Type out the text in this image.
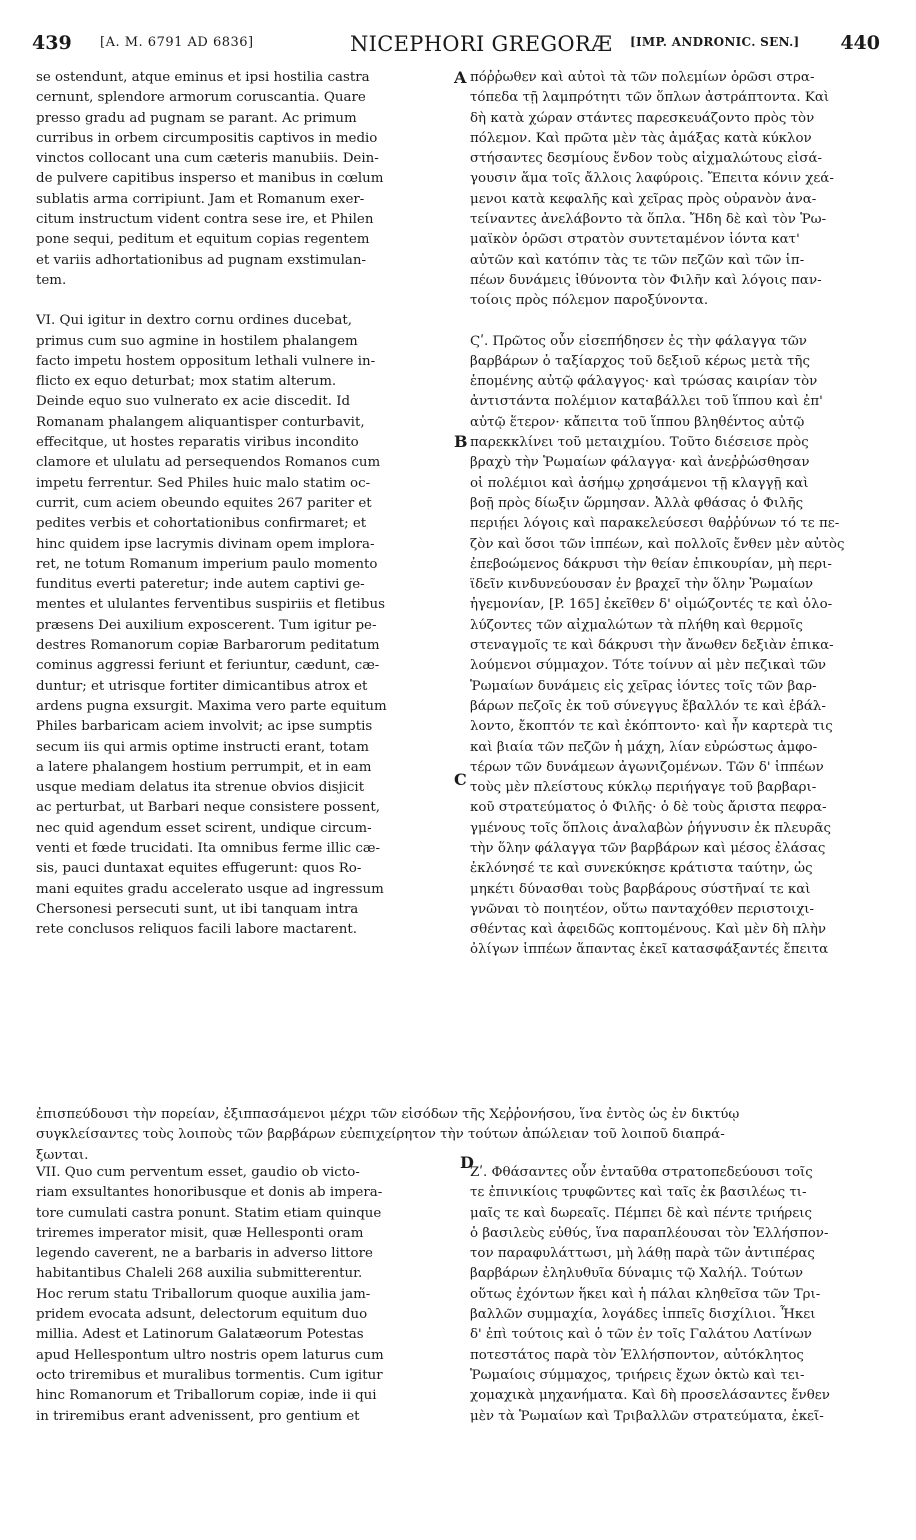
439 [A. M. 6791 AD 6836]	NICEPHORI GREGORÆ [IMP. ANDRONIC. SEN.] 440
A
B
C
D
se ostendunt, atque eminus et ipsi hostilia castra
cernunt, splendore armorum coruscantia. Quare
presso gradu ad pugnam se parant. Ac primum
curribus in orbem circumpositis captivos in medio
vinctos collocant una cum cæteris manubiis. Dein-
de pulvere capitibus insperso et manibus in cœlum
sublatis arma corripiunt. Jam et Romanum exer-
citum instructum vident contra sese ire, et Philen
pone sequi, peditum et equitum copias regentem
et variis adhortationibus ad pugnam exstimulan-
tem.
VI. Qui igitur in dextro cornu ordines ducebat,
primus cum suo agmine in hostilem phalangem
facto impetu hostem oppositum lethali vulnere in-
flicto ex equo deturbat; mox statim alterum.
Deinde equo suo vulnerato ex acie discedit. Id
Romanam phalangem aliquantisper conturbavit,
effecitque, ut hostes reparatis viribus incondito
clamore et ululatu ad persequendos Romanos cum
impetu ferrentur. Sed Philes huic malo statim oc-
currit, cum aciem obeundo equites 267 pariter et
pedites verbis et cohortationibus confirmaret; et
hinc quidem ipse lacrymis divinam opem implora-
ret, ne totum Romanum imperium paulo momento
funditus everti pateretur; inde autem captivi ge-
mentes et ululantes ferventibus suspiriis et fletibus
præsens Dei auxilium exposcerent. Tum igitur pe-
destres Romanorum copiæ Barbarorum peditatum
cominus aggressi feriunt et feriuntur, cædunt, cæ-
duntur; et utrisque fortiter dimicantibus atrox et
ardens pugna exsurgit. Maxima vero parte equitum
Philes barbaricam aciem involvit; ac ipse sumptis
secum iis qui armis optime instructi erant, totam
a latere phalangem hostium perrumpit, et in eam
usque mediam delatus ita strenue obvios disjicit
ac perturbat, ut Barbari neque consistere possent,
nec quid agendum esset scirent, undique circum-
venti et fœde trucidati. Ita omnibus ferme illic cæ-
sis, pauci duntaxat equites effugerunt: quos Ro-
mani equites gradu accelerato usque ad ingressum
Chersonesi persecuti sunt, ut ibi tanquam intra
rete conclusos reliquos facili labore mactarent.
πόῤῥωθεν καὶ αὐτοὶ τὰ τῶν πολεμίων ὁρῶσι στρα-
τόπεδα τῇ λαμπρότητι τῶν ὅπλων ἀστράπτοντα. Καὶ
δὴ κατὰ χώραν στάντες παρεσκευάζοντο πρὸς τὸν
πόλεμον. Καὶ πρῶτα μὲν τὰς ἁμάξας κατὰ κύκλον
στήσαντες δεσμίους ἔνδον τοὺς αἰχμαλώτους εἰσά-
γουσιν ἅμα τοῖς ἄλλοις λαφύροις. Ἔπειτα κόνιν χεά-
μενοι κατὰ κεφαλῆς καὶ χεῖρας πρὸς οὐρανὸν ἀνα-
τείναντες ἀνελάβοντο τὰ ὅπλα. Ἤδη δὲ καὶ τὸν Ῥω-
μαϊκὸν ὁρῶσι στρατὸν συντεταμένον ἰόντα κατ'
αὐτῶν καὶ κατόπιν τὰς τε τῶν πεζῶν καὶ τῶν ἱπ-
πέων δυνάμεις ἰθύνοντα τὸν Φιλῆν καὶ λόγοις παν-
τοίοις πρὸς πόλεμον παροξύνοντα.
Ϛʹ. Πρῶτος οὖν εἰσεπήδησεν ἐς τὴν φάλαγγα τῶν
βαρβάρων ὁ ταξίαρχος τοῦ δεξιοῦ κέρως μετὰ τῆς
ἑπομένης αὐτῷ φάλαγγος· καὶ τρώσας καιρίαν τὸν
ἀντιστάντα πολέμιον καταβάλλει τοῦ ἵππου καὶ ἐπ'
αὐτῷ ἕτερον· κἄπειτα τοῦ ἵππου βληθέντος αὐτῷ
παρεκκλίνει τοῦ μεταιχμίου. Τοῦτο διέσεισε πρὸς
βραχὺ τὴν Ῥωμαίων φάλαγγα· καὶ ἀνεῤῥώσθησαν
οἱ πολέμιοι καὶ ἀσήμῳ χρησάμενοι τῇ κλαγγῇ καὶ
βοῇ πρὸς δίωξιν ὥρμησαν. Ἀλλὰ φθάσας ὁ Φιλῆς
περιῄει λόγοις καὶ παρακελεύσεσι θαῤῥύνων τό τε πε-
ζὸν καὶ ὅσοι τῶν ἱππέων, καὶ πολλοῖς ἔνθεν μὲν αὐτὸς
ἐπεβοώμενος δάκρυσι τὴν θείαν ἐπικουρίαν, μὴ περι-
ϊδεῖν κινδυνεύουσαν ἐν βραχεῖ τὴν ὅλην Ῥωμαίων
ἡγεμονίαν, [P. 165] ἐκεῖθεν δ' οἰμώζοντές τε καὶ ὀλο-
λύζοντες τῶν αἰχμαλώτων τὰ πλήθη καὶ θερμοῖς
στεναγμοῖς τε καὶ δάκρυσι τὴν ἄνωθεν δεξιὰν ἐπικα-
λούμενοι σύμμαχον. Τότε τοίνυν αἱ μὲν πεζικαὶ τῶν
Ῥωμαίων δυνάμεις εἰς χεῖρας ἰόντες τοῖς τῶν βαρ-
βάρων πεζοῖς ἐκ τοῦ σύνεγγυς ἔβαλλόν τε καὶ ἐβάλ-
λοντο, ἔκοπτόν τε καὶ ἐκόπτοντο· καὶ ἦν καρτερὰ τις
καὶ βιαία τῶν πεζῶν ἡ μάχη, λίαν εὐρώστως ἀμφο-
τέρων τῶν δυνάμεων ἀγωνιζομένων. Τῶν δ' ἱππέων
τοὺς μὲν πλείστους κύκλῳ περιήγαγε τοῦ βαρβαρι-
κοῦ στρατεύματος ὁ Φιλῆς· ὁ δὲ τοὺς ἄριστα πεφρα-
γμένους τοῖς ὅπλοις ἀναλαβὼν ῥήγνυσιν ἐκ πλευρᾶς
τὴν ὅλην φάλαγγα τῶν βαρβάρων καὶ μέσος ἐλάσας
ἐκλόνησέ τε καὶ συνεκύκησε κράτιστα ταύτην, ὡς
μηκέτι δύνασθαι τοὺς βαρβάρους σύστῆναί τε καὶ
γνῶναι τὸ ποιητέον, οὕτω πανταχόθεν περιστοιχι-
σθέντας καὶ ἀφειδῶς κοπτομένους. Καὶ μὲν δὴ πλὴν
ὀλίγων ἱππέων ἅπαντας ἐκεῖ κατασφάξαντές ἔπειτα
ἐπισπεύδουσι τὴν πορείαν, ἐξιππασάμενοι μέχρι τῶν εἰσόδων τῆς Χεῤῥονήσου, ἵνα ἐντὸς ὡς ἐν δικτύῳ
συγκλείσαντες τοὺς λοιποὺς τῶν βαρβάρων εὐεπιχείρητον τὴν τούτων ἀπώλειαν τοῦ λοιποῦ διαπρά-
ξωνται.
VII. Quo cum perventum esset, gaudio ob victo-
riam exsultantes honoribusque et donis ab impera-
tore cumulati castra ponunt. Statim etiam quinque
triremes imperator misit, quæ Hellesponti oram
legendo caverent, ne a barbaris in adverso littore
habitantibus Chaleli 268 auxilia submitterentur.
Hoc rerum statu Triballorum quoque auxilia jam-
pridem evocata adsunt, delectorum equitum duo
millia. Adest et Latinorum Galatæorum Potestas
apud Hellespontum ultro nostris opem laturus cum
octo triremibus et muralibus tormentis. Cum igitur
hinc Romanorum et Triballorum copiæ, inde ii qui
in triremibus erant advenissent, pro gentium et
Ζʹ. Φθάσαντες οὖν ἐνταῦθα στρατοπεδεύουσι τοῖς
τε ἐπινικίοις τρυφῶντες καὶ ταῖς ἐκ βασιλέως τι-
μαῖς τε καὶ δωρεαῖς. Πέμπει δὲ καὶ πέντε τριήρεις
ὁ βασιλεὺς εὐθύς, ἵνα παραπλέουσαι τὸν Ἑλλήσπον-
τον παραφυλάττωσι, μὴ λάθῃ παρὰ τῶν ἀντιπέρας
βαρβάρων ἐληλυθυῖα δύναμις τῷ Χαλήλ. Τούτων
οὕτως ἐχόντων ἥκει καὶ ἡ πάλαι κληθεῖσα τῶν Τρι-
βαλλῶν συμμαχία, λογάδες ἱππεῖς δισχίλιοι. Ἧκει
δ' ἐπὶ τούτοις καὶ ὁ τῶν ἐν τοῖς Γαλάτου Λατίνων
ποτεστάτος παρὰ τὸν Ἑλλήσποντον, αὐτόκλητος
Ῥωμαίοις σύμμαχος, τριήρεις ἔχων ὀκτὼ καὶ τει-
χομαχικὰ μηχανήματα. Καὶ δὴ προσελάσαντες ἔνθεν
μὲν τὰ Ῥωμαίων καὶ Τριβαλλῶν στρατεύματα, ἐκεῖ-
